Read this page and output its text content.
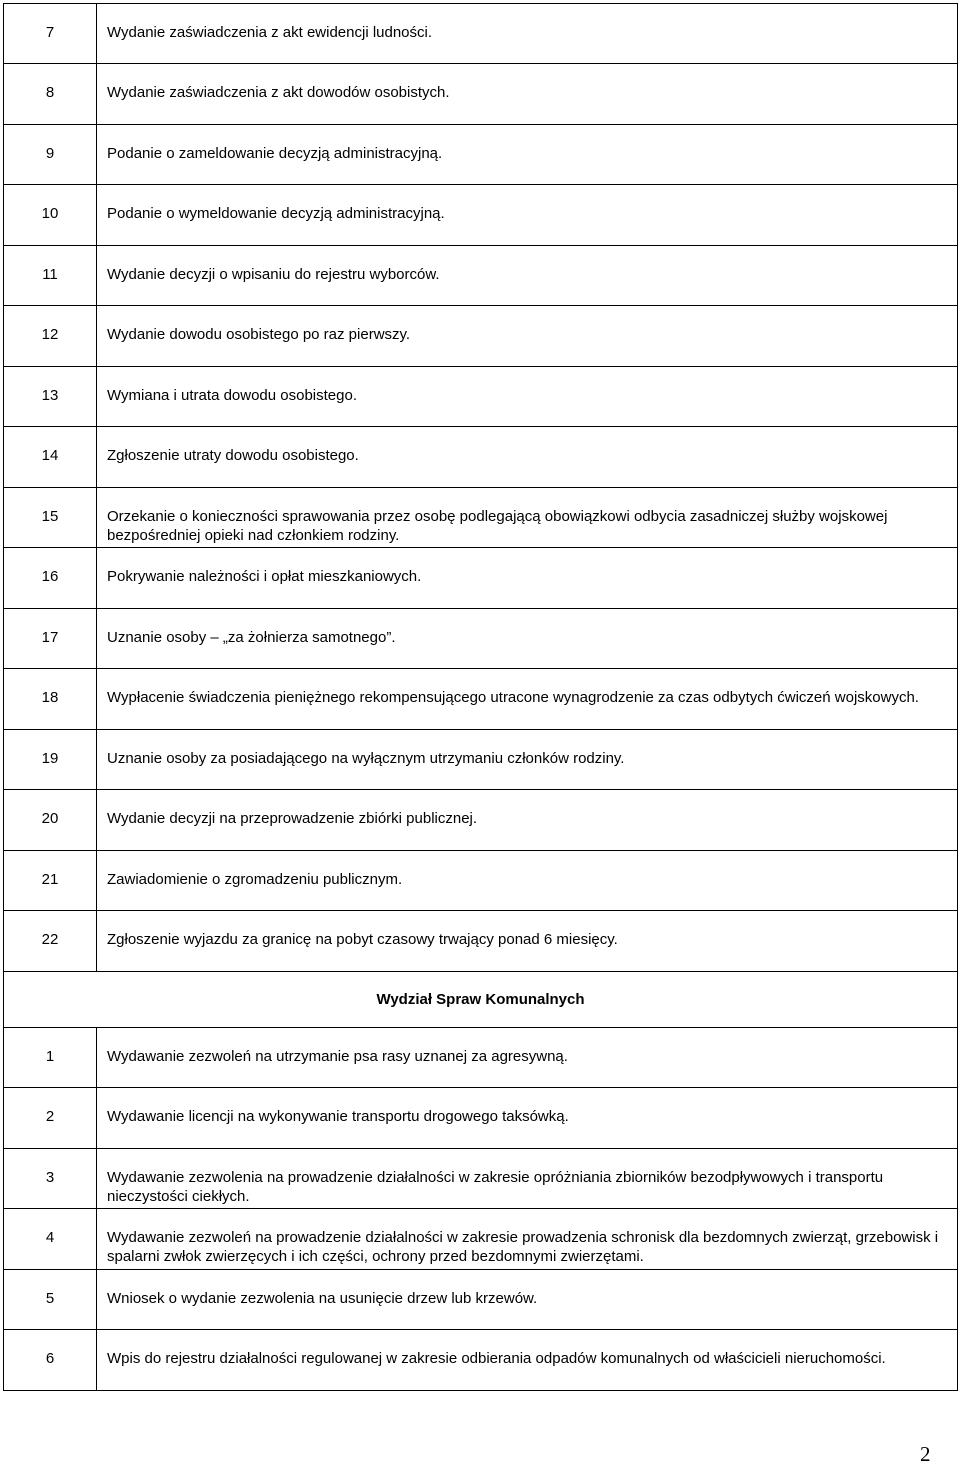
7	Wydanie zaświadczenia z akt ewidencji ludności.
8	Wydanie zaświadczenia z akt dowodów osobistych.
9	Podanie o zameldowanie decyzją administracyjną.
10	Podanie o wymeldowanie decyzją administracyjną.
11	Wydanie decyzji o wpisaniu do rejestru wyborców.
12	Wydanie dowodu osobistego po raz pierwszy.
13	Wymiana i utrata dowodu osobistego.
14	Zgłoszenie utraty dowodu osobistego.
15	Orzekanie o konieczności sprawowania przez osobę podlegającą obowiązkowi odbycia zasadniczej służby wojskowej bezpośredniej opieki nad członkiem rodziny.
16	Pokrywanie należności i opłat mieszkaniowych.
17	Uznanie osoby – „za żołnierza samotnego”.
18	Wypłacenie świadczenia pieniężnego rekompensującego utracone wynagrodzenie za czas odbytych ćwiczeń wojskowych.
19	Uznanie osoby za posiadającego na wyłącznym utrzymaniu członków rodziny.
20	Wydanie decyzji na przeprowadzenie zbiórki publicznej.
21	Zawiadomienie o zgromadzeniu publicznym.
22	Zgłoszenie wyjazdu za granicę na pobyt czasowy trwający ponad 6 miesięcy.
Wydział Spraw Komunalnych	
1	Wydawanie zezwoleń na utrzymanie psa rasy uznanej za agresywną.
2	Wydawanie licencji na wykonywanie transportu drogowego taksówką.
3	Wydawanie zezwolenia na prowadzenie działalności w zakresie opróżniania zbiorników bezodpływowych i transportu nieczystości ciekłych.
4	Wydawanie zezwoleń na prowadzenie działalności w zakresie prowadzenia schronisk dla bezdomnych zwierząt, grzebowisk i spalarni zwłok zwierzęcych i ich części, ochrony przed bezdomnymi zwierzętami.
5	Wniosek o wydanie zezwolenia na usunięcie drzew lub krzewów.
6	Wpis do rejestru działalności regulowanej w zakresie odbierania odpadów komunalnych od właścicieli nieruchomości.
2
